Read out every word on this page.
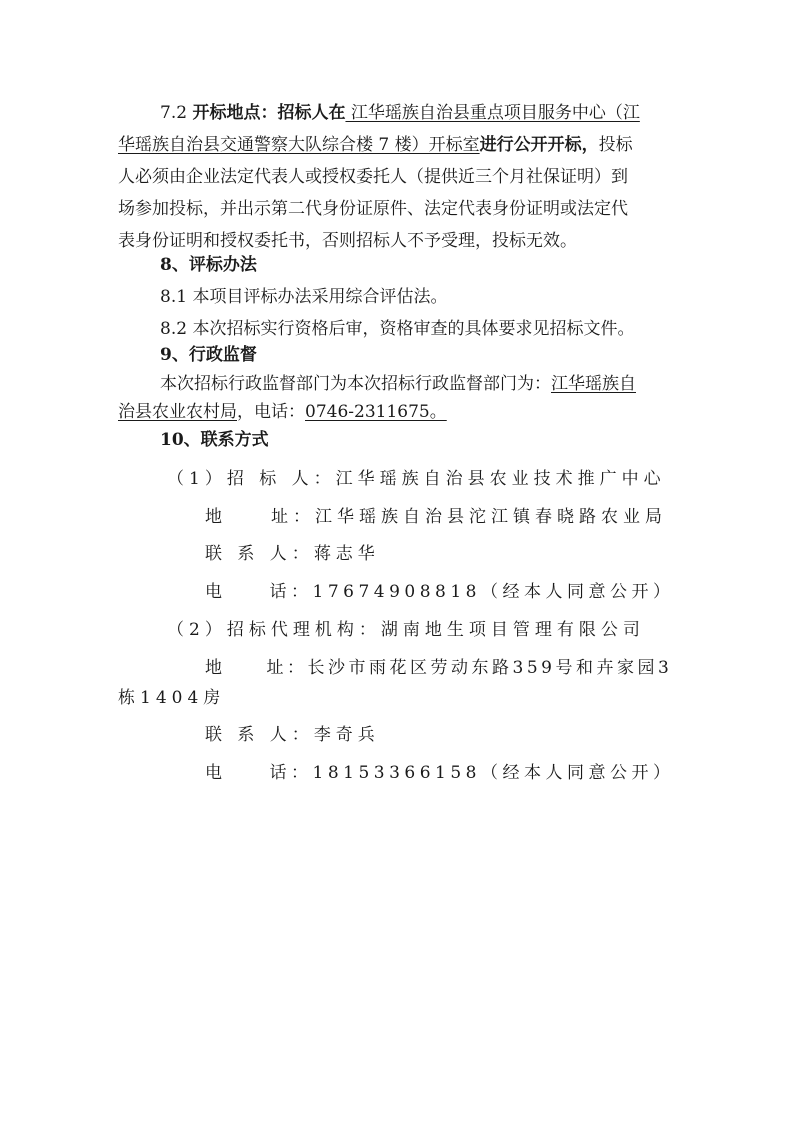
7.2 开标地点：招标人在 江华瑶族自治县重点项目服务中心（江
华瑶族自治县交通警察大队综合楼 7 楼）开标室进行公开开标，投标
人必须由企业法定代表人或授权委托人（提供近三个月社保证明）到
场参加投标，并出示第二代身份证原件、法定代表身份证明或法定代
表身份证明和授权委托书，否则招标人不予受理，投标无效。
8、评标办法
8.1 本项目评标办法采用综合评估法。
8.2 本次招标实行资格后审，资格审查的具体要求见招标文件。
9、行政监督
本次招标行政监督部门为本次招标行政监督部门为：江华瑶族自
治县农业农村局，电话：0746-2311675。
10、联系方式
（1）招 标 人：江华瑶族自治县农业技术推广中心
地　　址：江华瑶族自治县沱江镇春晓路农业局
联 系 人：蒋志华
电　　话：17674908818（经本人同意公开）
（2）招标代理机构：湖南地生项目管理有限公司
地　　址：长沙市雨花区劳动东路359号和卉家园3
栋1404房
联 系 人：李奇兵
电　　话：18153366158（经本人同意公开）
